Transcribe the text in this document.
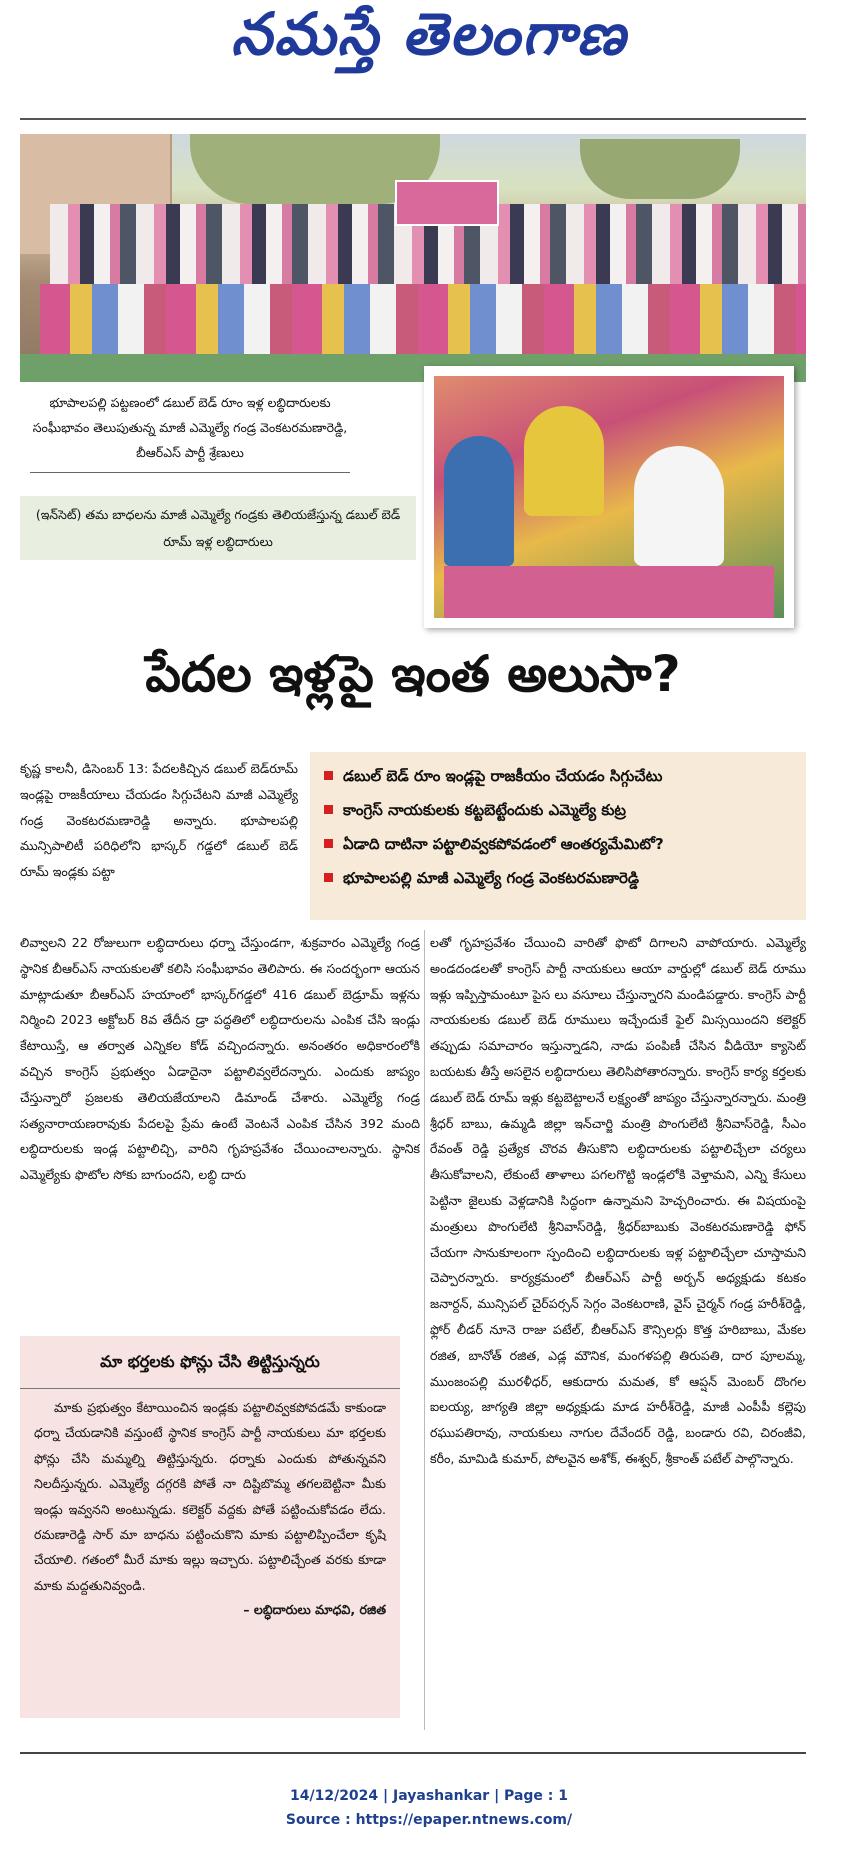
నమస్తే తెలంగాణ
భూపాలపల్లి పట్టణంలో డబుల్ బెడ్ రూం ఇళ్ల లబ్ధిదారులకు సంఘీభావం తెలుపుతున్న మాజీ ఎమ్మెల్యే గండ్ర వెంకటరమణారెడ్డి, బీఆర్ఎస్ పార్టీ శ్రేణులు
(ఇన్‌సెట్) తమ బాధలను మాజీ ఎమ్మెల్యే గండ్రకు తెలియజేస్తున్న డబుల్ బెడ్ రూమ్ ఇళ్ల లబ్ధిదారులు
పేదల ఇళ్లపై ఇంత అలుసా?
డబుల్ బెడ్ రూం ఇండ్లపై రాజకీయం చేయడం సిగ్గుచేటు
కాంగ్రెస్ నాయకులకు కట్టబెట్టేందుకు ఎమ్మెల్యే కుట్ర
ఏడాది దాటినా పట్టాలివ్వకపోవడంలో ఆంతర్యమేమిటో?
భూపాలపల్లి మాజీ ఎమ్మెల్యే గండ్ర వెంకటరమణారెడ్డి

కృష్ణ కాలనీ, డిసెంబర్ 13: పేదలకిచ్చిన డబుల్ బెడ్‌రూమ్ ఇండ్లపై రాజకీయాలు చేయడం సిగ్గుచేటని మాజీ ఎమ్మెల్యే గండ్ర వెంకటరమణారెడ్డి అన్నారు. భూపాలపల్లి మున్సిపాలిటీ పరిధిలోని భాస్కర్ గడ్డలో డబుల్ బెడ్ రూమ్ ఇండ్లకు పట్టా

లివ్వాలని 22 రోజులుగా లబ్ధిదారులు ధర్నా చేస్తుండగా, శుక్రవారం ఎమ్మెల్యే గండ్ర స్థానిక బీఆర్ఎస్ నాయకులతో కలిసి సంఘీభావం తెలిపారు. ఈ సందర్భంగా ఆయన మాట్లాడుతూ బీఆర్ఎస్ హయాంలో భాస్కర్‌గడ్డలో 416 డబుల్ బెడ్రూమ్ ఇళ్లను నిర్మించి 2023 అక్టోబర్ 8వ తేదీన డ్రా పద్ధతిలో లబ్ధిదారులను ఎంపిక చేసి ఇండ్లు కేటాయిస్తే, ఆ తర్వాత ఎన్నికల కోడ్ వచ్చిందన్నారు. అనంతరం అధికారంలోకి వచ్చిన కాంగ్రెస్ ప్రభుత్వం ఏడాదైనా పట్టాలివ్వలేదన్నారు. ఎందుకు జాప్యం చేస్తున్నారో ప్రజలకు తెలియజేయాలని డిమాండ్ చేశారు. ఎమ్మెల్యే గండ్ర సత్యనారాయణరావుకు పేదలపై ప్రేమ ఉంటే వెంటనే ఎంపిక చేసిన 392 మంది లబ్ధిదారులకు ఇండ్ల పట్టాలిచ్చి, వారిని గృహప్రవేశం చేయించాలన్నారు. స్థానిక ఎమ్మెల్యేకు ఫొటోల సోకు బాగుందని, లబ్ధి దారు

లతో గృహప్రవేశం చేయించి వారితో ఫొటో దిగాలని వాపోయారు. ఎమ్మెల్యే అండదండలతో కాంగ్రెస్ పార్టీ నాయకులు ఆయా వార్డుల్లో డబుల్ బెడ్ రూము ఇళ్లు ఇప్పిస్తామంటూ పైస లు వసూలు చేస్తున్నారని మండిపడ్డారు. కాంగ్రెస్ పార్టీ నాయకులకు డబుల్ బెడ్ రూములు ఇచ్చేందుకే ఫైల్ మిస్సయిందని కలెక్టర్ తప్పుడు సమాచారం ఇస్తున్నాడని, నాడు పంపిణీ చేసిన వీడియో క్యాసెట్ బయటకు తీస్తే అసలైన లబ్ధిదారులు తెలిసిపోతారన్నారు. కాంగ్రెస్ కార్య కర్తలకు డబుల్ బెడ్ రూమ్ ఇళ్లు కట్టబెట్టాలనే లక్ష్యంతో జాప్యం చేస్తున్నారన్నారు. మంత్రి శ్రీధర్ బాబు, ఉమ్మడి జిల్లా ఇన్‌చార్జి మంత్రి పొంగులేటి శ్రీనివాస్‌రెడ్డి, సీఎం రేవంత్ రెడ్డి ప్రత్యేక చొరవ తీసుకొని లబ్ధిదారులకు పట్టాలిచ్చేలా చర్యలు తీసుకోవాలని, లేకుంటే తాళాలు పగలగొట్టి ఇండ్లలోకి వెళ్తామని, ఎన్ని కేసులు పెట్టినా జైలుకు వెళ్లడానికి సిద్ధంగా ఉన్నామని హెచ్చరించారు. ఈ విషయంపై మంత్రులు పొంగులేటి శ్రీనివాస్‌రెడ్డి, శ్రీధర్‌బాబుకు వెంకటరమణారెడ్డి ఫోన్ చేయగా సానుకూలంగా స్పందించి లబ్ధిదారులకు ఇళ్ల పట్టాలిచ్చేలా చూస్తామని చెప్పారన్నారు. కార్యక్రమంలో బీఆర్ఎస్ పార్టీ అర్బన్ అధ్యక్షుడు కటకం జనార్దన్, మున్సిపల్ చైర్‌పర్సన్ సెగ్గం వెంకటరాణి, వైస్ చైర్మన్ గండ్ర హరీశ్‌రెడ్డి, ఫ్లోర్ లీడర్ నూనె రాజు పటేల్, బీఆర్ఎస్ కౌన్సిలర్లు కొత్త హరిబాబు, మేకల రజిత, బానోత్ రజిత, ఎడ్ల మౌనిక, మంగళపల్లి తిరుపతి, దార పూలమ్మ, ముంజంపల్లి మురళీధర్, ఆకుదారు మమత, కో ఆప్షన్ మెంబర్ దొంగల ఐలయ్య, జాగ్యతి జిల్లా అధ్యక్షుడు మాడ హరీశ్‌రెడ్డి, మాజీ ఎంపీపీ కల్లెపు రఘుపతిరావు, నాయకులు నాగుల దేవేందర్ రెడ్డి, బండారు రవి, చిరంజీవి, కరీం, మామిడి కుమార్, పోలవైన అశోక్, ఈశ్వర్, శ్రీకాంత్ పటేల్ పాల్గొన్నారు.

మా భర్తలకు ఫోన్లు చేసి తిట్టిస్తున్నరు
మాకు ప్రభుత్వం కేటాయించిన ఇండ్లకు పట్టాలివ్వకపోవడమే కాకుండా ధర్నా చేయడానికి వస్తుంటే స్థానిక కాంగ్రెస్ పార్టీ నాయకులు మా భర్తలకు ఫోన్లు చేసి మమ్మల్ని తిట్టిస్తున్నరు. ధర్నాకు ఎందుకు పోతున్నవని నిలదీస్తున్నరు. ఎమ్మెల్యే దగ్గరకి పోతే నా దిష్టిబొమ్మ తగలబెట్టినా మీకు ఇండ్లు ఇవ్వనని అంటున్నడు. కలెక్టర్ వద్దకు పోతే పట్టించుకోవడం లేదు. రమణారెడ్డి సార్ మా బాధను పట్టించుకొని మాకు పట్టాలిప్పించేలా కృషి చేయాలి. గతంలో మీరే మాకు ఇల్లు ఇచ్చారు. పట్టాలిచ్చేంత వరకు కూడా మాకు మద్దతునివ్వండి.
– లబ్ధిదారులు మాధవి, రజిత
14/12/2024 | Jayashankar | Page : 1
Source : https://epaper.ntnews.com/
